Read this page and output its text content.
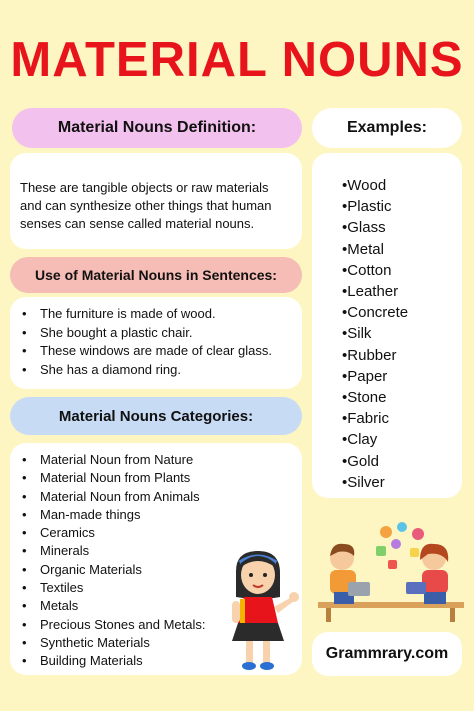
MATERIAL NOUNS
Material Nouns Definition:

These are tangible objects or raw materials and can synthesize other things that human senses can sense called material nouns.

Use of Material Nouns in Sentences:
• The furniture is made of wood.
• She bought a plastic chair.
• These windows are made of clear glass.
• She has a diamond ring.
Material Nouns Categories:
• Material Noun from Nature
• Material Noun from Plants
• Material Noun from Animals
• Man-made things
• Ceramics
• Minerals
• Organic Materials
• Textiles
• Metals
• Precious Stones and Metals:
• Synthetic Materials
• Building Materials
Examples:
• Wood
• Plastic
• Glass
• Metal
• Cotton
• Leather
• Concrete
• Silk
• Rubber
• Paper
• Stone
• Fabric
• Clay
• Gold
• Silver
Grammrary.com
